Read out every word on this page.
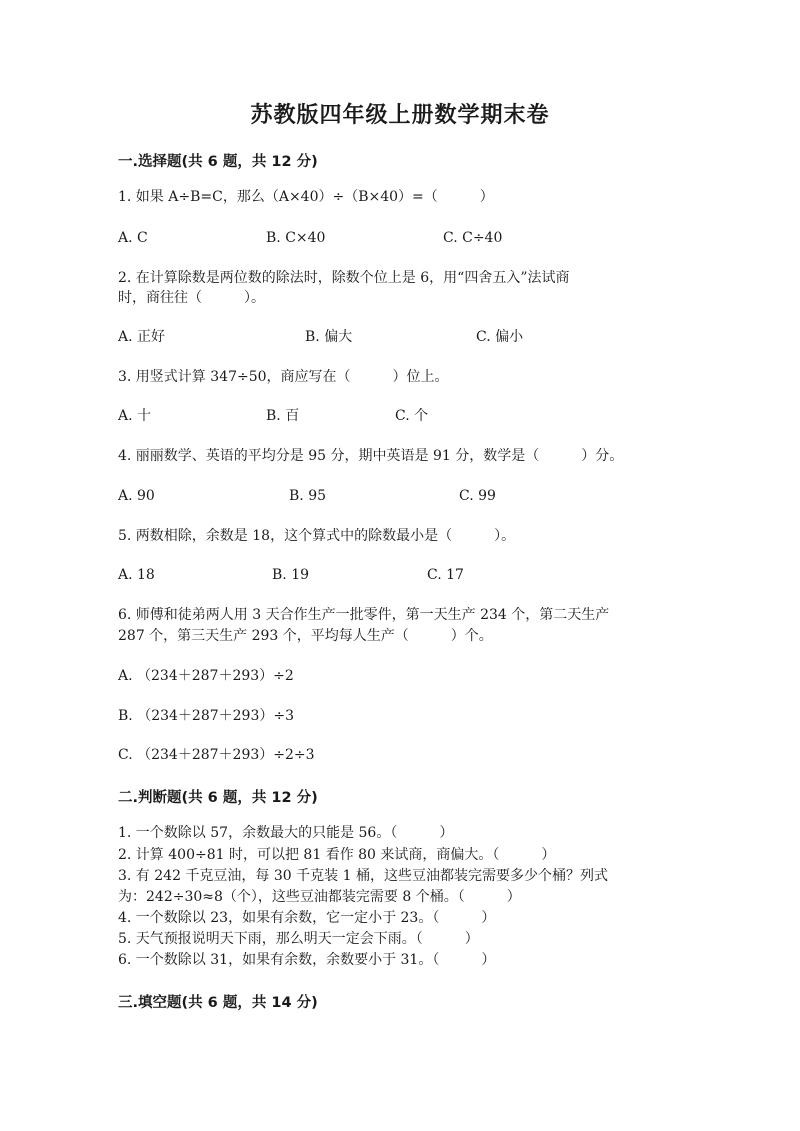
苏教版四年级上册数学期末卷
一.选择题(共 6 题，共 12 分)
1. 如果 A÷B=C，那么（A×40）÷（B×40）=（　　　）
A. C	B. C×40	C. C÷40
2. 在计算除数是两位数的除法时，除数个位上是 6，用“四舍五入”法试商
时，商往往（　　　）。
A. 正好	B. 偏大	C. 偏小
3. 用竖式计算 347÷50，商应写在（　　　）位上。
A. 十	B. 百	C. 个
4. 丽丽数学、英语的平均分是 95 分，期中英语是 91 分，数学是（　　　）分。
A. 90	B. 95	C. 99
5. 两数相除，余数是 18，这个算式中的除数最小是（　　　）。
A. 18	B. 19	C. 17
6. 师傅和徒弟两人用 3 天合作生产一批零件，第一天生产 234 个，第二天生产
287 个，第三天生产 293 个，平均每人生产（　　　）个。
A. （234＋287＋293）÷2
B. （234＋287＋293）÷3
C. （234＋287＋293）÷2÷3
二.判断题(共 6 题，共 12 分)
1. 一个数除以 57，余数最大的只能是 56。（　　　）
2. 计算 400÷81 时，可以把 81 看作 80 来试商，商偏大。（　　　）
3. 有 242 千克豆油，每 30 千克装 1 桶，这些豆油都装完需要多少个桶？列式
为：242÷30≈8（个），这些豆油都装完需要 8 个桶。（　　　）
4. 一个数除以 23，如果有余数，它一定小于 23。（　　　）
5. 天气预报说明天下雨，那么明天一定会下雨。（　　　）
6. 一个数除以 31，如果有余数，余数要小于 31。（　　　）
三.填空题(共 6 题，共 14 分)
